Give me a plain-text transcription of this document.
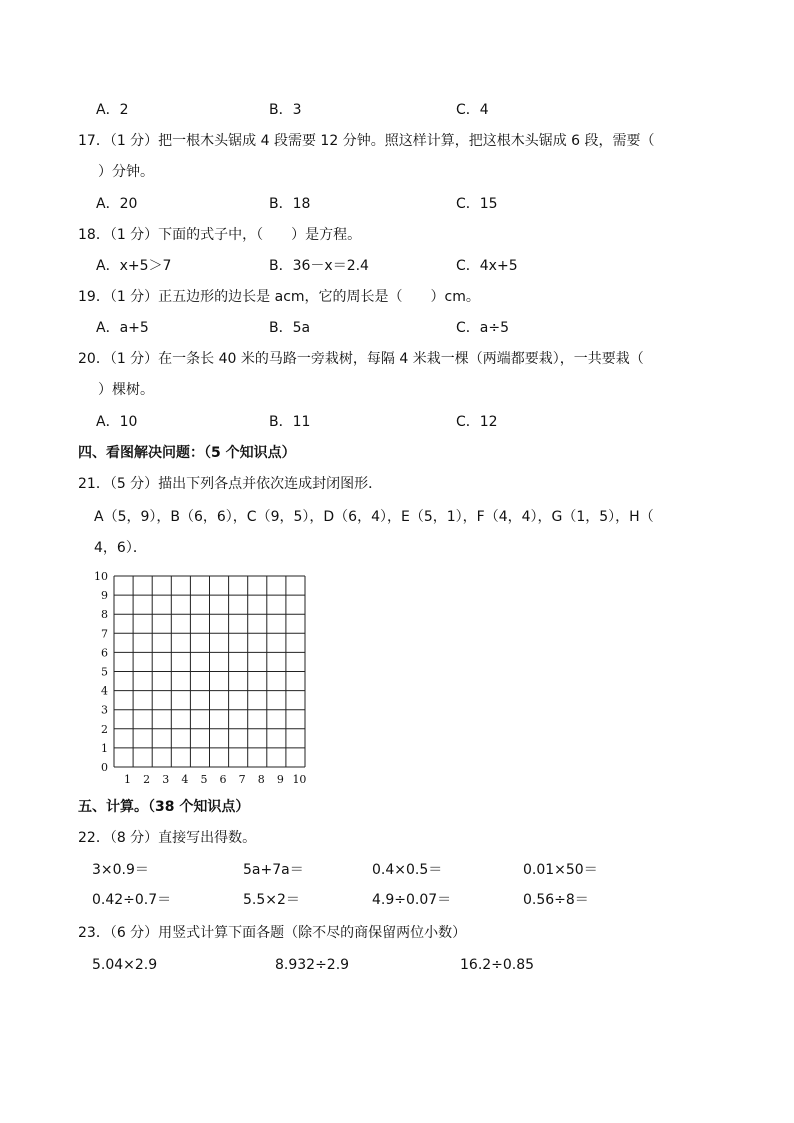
A．2	B．3	C．4
17．（1 分）把一根木头锯成 4 段需要 12 分钟。照这样计算，把这根木头锯成 6 段，需要（
）分钟。
A．20	B．18	C．15
18．（1 分）下面的式子中，（　　）是方程。
A．x+5＞7	B．36－x＝2.4	C．4x+5
19．（1 分）正五边形的边长是 acm，它的周长是（　　）cm。
A．a+5	B．5a	C．a÷5
20．（1 分）在一条长 40 米的马路一旁栽树，每隔 4 米栽一棵（两端都要栽），一共要栽（
）棵树。
A．10	B．11	C．12
四、看图解决问题：（5 个知识点）
21．（5 分）描出下列各点并依次连成封闭图形．
A（5，9），B（6，6），C（9，5），D（6，4），E（5，1），F（4，4），G（1，5），H（
4，6）．
10
9
8
7
6
5
4
3
2
1
0
1 2 3 4 5 6 7 8 9 10
五、计算。（38 个知识点）
22．（8 分）直接写出得数。
3×0.9＝	5a+7a＝	0.4×0.5＝	0.01×50＝
0.42÷0.7＝	5.5×2＝	4.9÷0.07＝	0.56÷8＝
23．（6 分）用竖式计算下面各题（除不尽的商保留两位小数）
5.04×2.9	8.932÷2.9	16.2÷0.85
